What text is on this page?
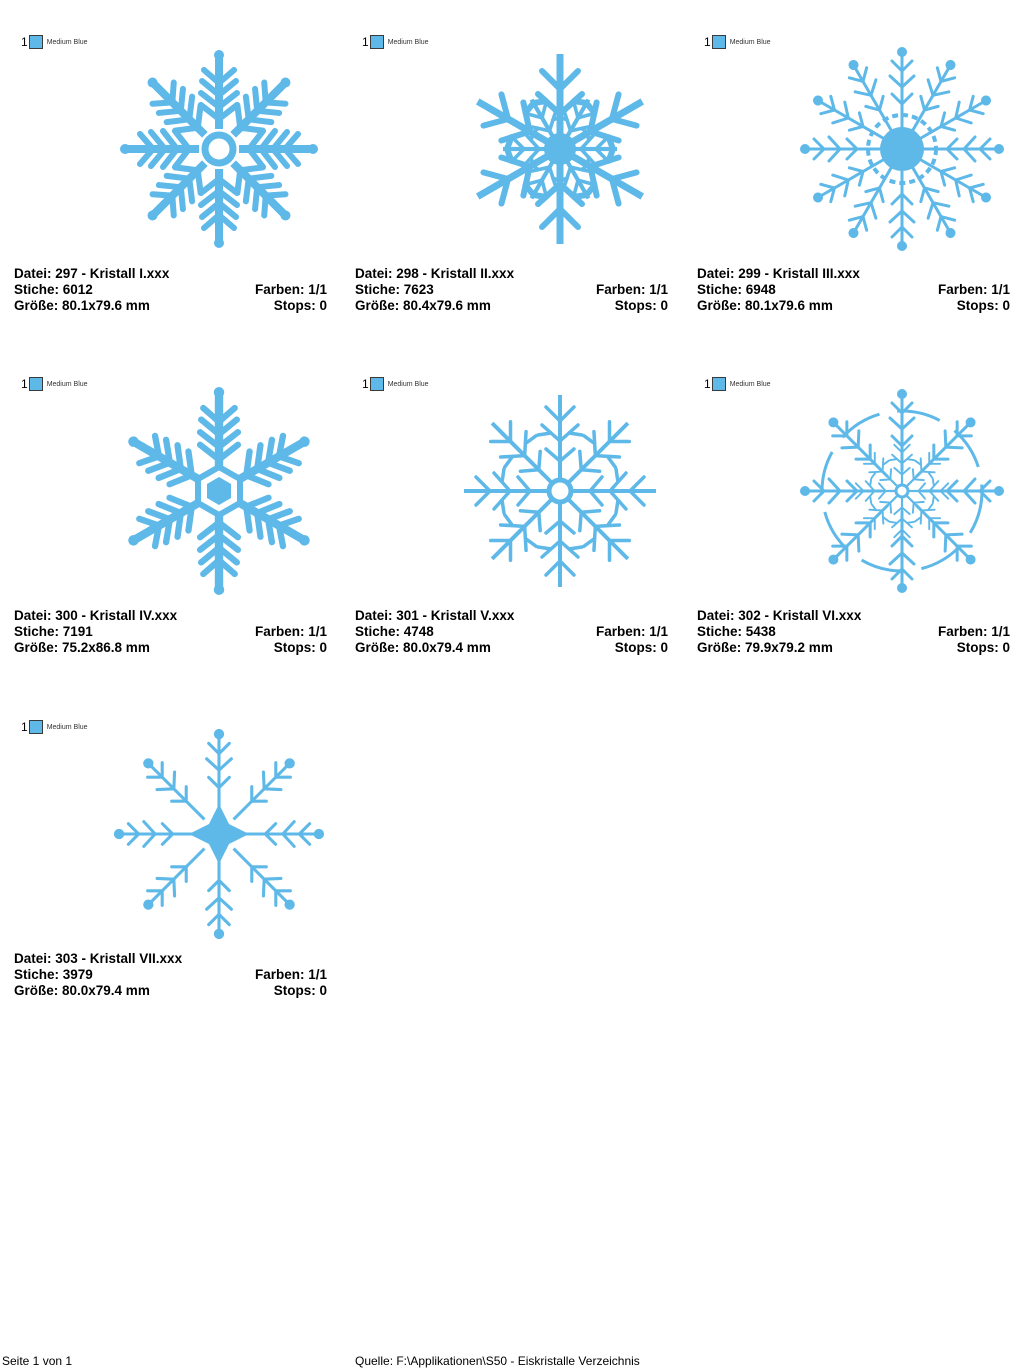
1	Medium Blue
Datei: 297 - Kristall I.xxx
Stiche: 6012	Farben: 1/1
Größe: 80.1x79.6 mm	Stops: 0
1	Medium Blue
Datei: 298 - Kristall II.xxx
Stiche: 7623	Farben: 1/1
Größe: 80.4x79.6 mm	Stops: 0
1	Medium Blue
Datei: 299 - Kristall III.xxx
Stiche: 6948	Farben: 1/1
Größe: 80.1x79.6 mm	Stops: 0
1	Medium Blue
Datei: 300 - Kristall IV.xxx
Stiche: 7191	Farben: 1/1
Größe: 75.2x86.8 mm	Stops: 0
1	Medium Blue
Datei: 301 - Kristall V.xxx
Stiche: 4748	Farben: 1/1
Größe: 80.0x79.4 mm	Stops: 0
1	Medium Blue
Datei: 302 - Kristall VI.xxx
Stiche: 5438	Farben: 1/1
Größe: 79.9x79.2 mm	Stops: 0
1	Medium Blue
Datei: 303 - Kristall VII.xxx
Stiche: 3979	Farben: 1/1
Größe: 80.0x79.4 mm	Stops: 0
Seite 1 von 1	Quelle: F:\Applikationen\S50 - Eiskristalle Verzeichnis
